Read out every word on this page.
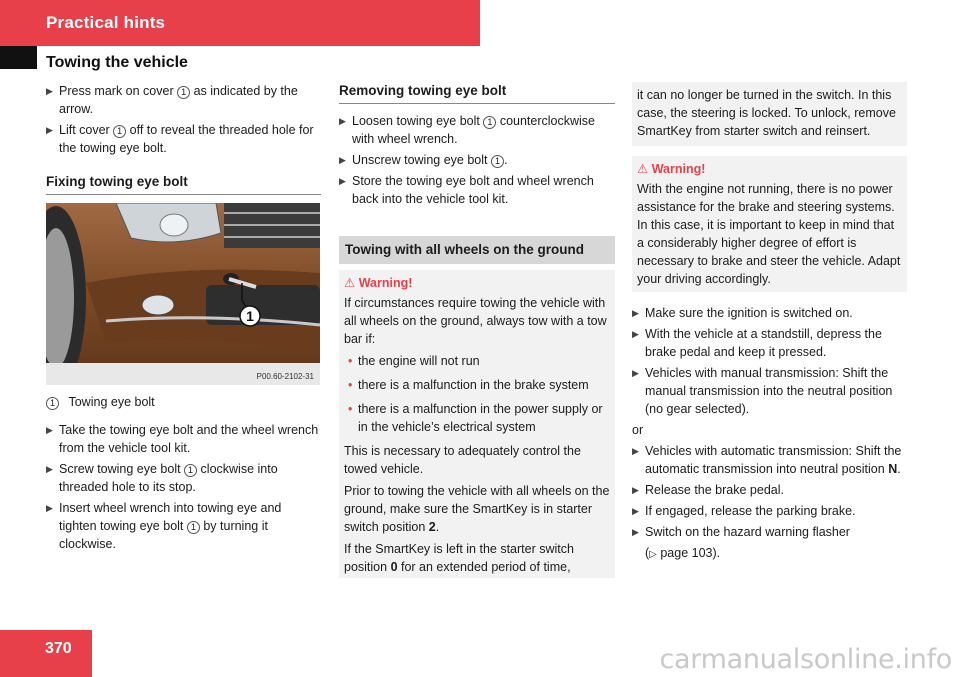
Practical hints
Towing the vehicle
▶ Press mark on cover 1 as indicated by the arrow.
▶ Lift cover 1 off to reveal the threaded hole for the towing eye bolt.
Fixing towing eye bolt
1
P00.60-2102-31
1 Towing eye bolt
▶ Take the towing eye bolt and the wheel wrench from the vehicle tool kit.
▶ Screw towing eye bolt 1 clockwise into threaded hole to its stop.
▶ Insert wheel wrench into towing eye and tighten towing eye bolt 1 by turning it clockwise.
Removing towing eye bolt
▶ Loosen towing eye bolt 1 counterclockwise with wheel wrench.
▶ Unscrew towing eye bolt 1 .
▶ Store the towing eye bolt and wheel wrench back into the vehicle tool kit.
Towing with all wheels on the ground
⚠ Warning!
If circumstances require towing the vehicle with all wheels on the ground, always tow with a tow bar if:
• the engine will not run
• there is a malfunction in the brake system
• there is a malfunction in the power supply or in the vehicle’s electrical system
This is necessary to adequately control the towed vehicle.
Prior to towing the vehicle with all wheels on the ground, make sure the SmartKey is in starter switch position 2.
If the SmartKey is left in the starter switch position 0 for an extended period of time,
it can no longer be turned in the switch. In this case, the steering is locked. To unlock, remove SmartKey from starter switch and reinsert.
⚠ Warning!
With the engine not running, there is no power assistance for the brake and steering systems. In this case, it is important to keep in mind that a considerably higher degree of effort is necessary to brake and steer the vehicle. Adapt your driving accordingly.
▶ Make sure the ignition is switched on.
▶ With the vehicle at a standstill, depress the brake pedal and keep it pressed.
▶ Vehicles with manual transmission: Shift the manual transmission into the neutral position (no gear selected).
or
▶ Vehicles with automatic transmission: Shift the automatic transmission into neutral position N.
▶ Release the brake pedal.
▶ If engaged, release the parking brake.
▶ Switch on the hazard warning flasher
(▷ page 103).
370	carmanualsonline.info
